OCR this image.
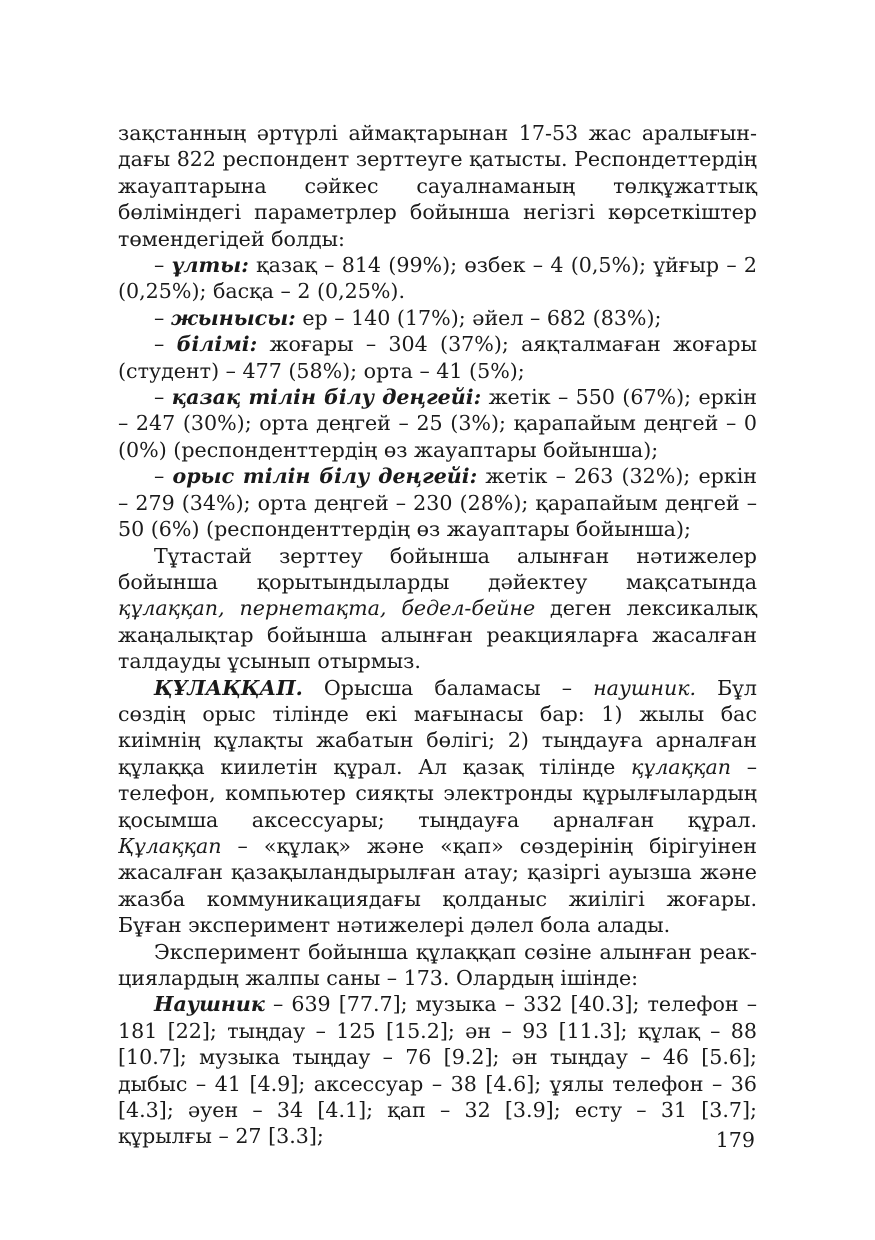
зақстанның әртүрлі аймақтарынан 17-53 жас аралығындағы 822 респондент зерттеуге қатысты. Респондеттердің жауаптарына сәйкес сауалнаманың төлқұжаттық бөліміндегі параметрлер бойынша негізгі көрсеткіштер төмендегідей болды:

– ұлты: қазақ – 814 (99%); өзбек – 4 (0,5%); ұйғыр – 2 (0,25%); басқа – 2 (0,25%).

– жынысы: ер – 140 (17%); әйел – 682 (83%);

– білімі: жоғары – 304 (37%); аяқталмаған жоғары (студент) – 477 (58%); орта – 41 (5%);

– қазақ тілін білу деңгейі: жетік – 550 (67%); еркін – 247 (30%); орта деңгей – 25 (3%); қарапайым деңгей – 0 (0%) (респонденттердің өз жауаптары бойынша);

– орыс тілін білу деңгейі: жетік – 263 (32%); еркін – 279 (34%); орта деңгей – 230 (28%); қарапайым деңгей – 50 (6%) (респонденттердің өз жауаптары бойынша);

Тұтастай зерттеу бойынша алынған нәтижелер бойынша қорытындыларды дәйектеу мақсатында құлаққап, пернетақта, бедел-бейне деген лексикалық жаңалықтар бойынша алынған реакцияларға жасалған талдауды ұсынып отырмыз.

ҚҰЛАҚҚАП. Орысша баламасы – наушник. Бұл сөздің орыс тілінде екі мағынасы бар: 1) жылы бас киімнің құлақты жабатын бөлігі; 2) тыңдауға арналған құлаққа киилетін құрал. Ал қазақ тілінде құлаққап – телефон, компьютер сияқты электронды құрылғылардың қосымша аксессуары; тыңдауға арналған құрал. Құлаққап – «құлақ» және «қап» сөздерінің бірігуінен жасалған қазақыландырылған атау; қазіргі ауызша және жазба коммуникациядағы қолданыс жиілігі жоғары. Бұған эксперимент нәтижелері дәлел бола алады.

Эксперимент бойынша құлаққап сөзіне алынған реакциялардың жалпы саны – 173. Олардың ішінде:

Наушник – 639 [77.7]; музыка – 332 [40.3]; телефон – 181 [22]; тыңдау – 125 [15.2]; ән – 93 [11.3]; құлақ – 88 [10.7]; музыка тыңдау – 76 [9.2]; ән тыңдау – 46 [5.6]; дыбыс – 41 [4.9]; аксессуар – 38 [4.6]; ұялы телефон – 36 [4.3]; әуен – 34 [4.1]; қап – 32 [3.9]; есту – 31 [3.7]; құрылғы – 27 [3.3];	179
